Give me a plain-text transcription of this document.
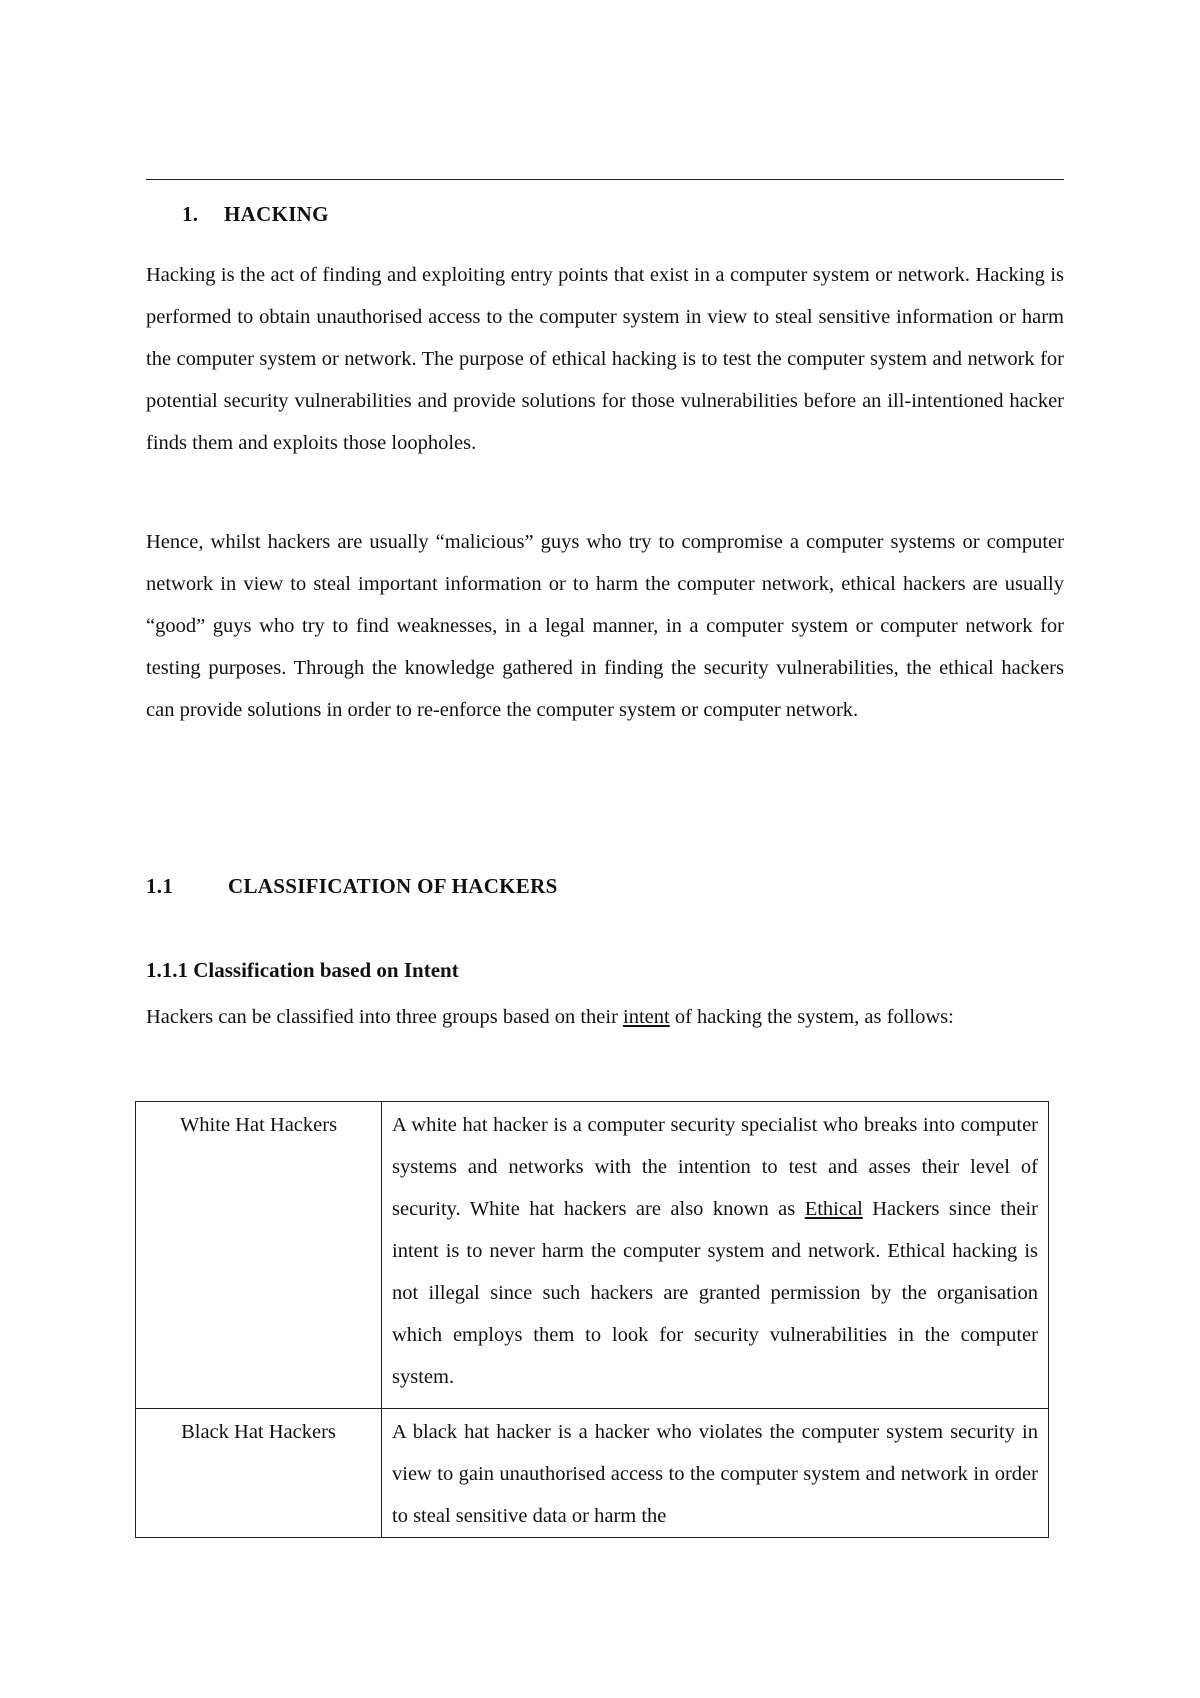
1. HACKING
Hacking is the act of finding and exploiting entry points that exist in a computer system or network. Hacking is performed to obtain unauthorised access to the computer system in view to steal sensitive information or harm the computer system or network. The purpose of ethical hacking is to test the computer system and network for potential security vulnerabilities and provide solutions for those vulnerabilities before an ill-intentioned hacker finds them and exploits those loopholes.
Hence, whilst hackers are usually “malicious” guys who try to compromise a computer systems or computer network in view to steal important information or to harm the computer network, ethical hackers are usually “good” guys who try to find weaknesses, in a legal manner, in a computer system or computer network for testing purposes. Through the knowledge gathered in finding the security vulnerabilities, the ethical hackers can provide solutions in order to re-enforce the computer system or computer network.
1.1	CLASSIFICATION OF HACKERS
1.1.1 Classification based on Intent
Hackers can be classified into three groups based on their intent of hacking the system, as follows:
White Hat Hackers	A white hat hacker is a computer security specialist who breaks into computer systems and networks with the intention to test and asses their level of security. White hat hackers are also known as Ethical Hackers since their intent is to never harm the computer system and network. Ethical hacking is not illegal since such hackers are granted permission by the organisation which employs them to look for security vulnerabilities in the computer system.
Black Hat Hackers	A black hat hacker is a hacker who violates the computer system security in view to gain unauthorised access to the computer system and network in order to steal sensitive data or harm the
